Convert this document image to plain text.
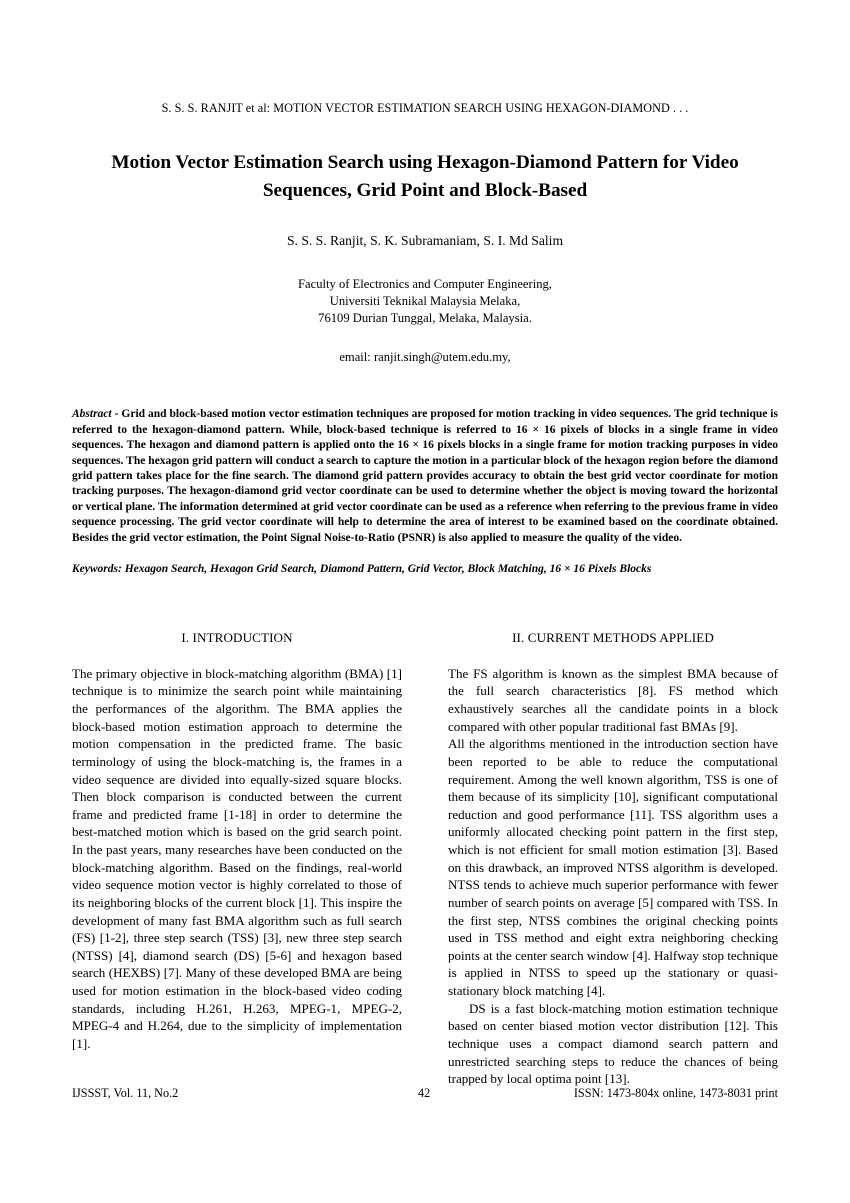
S. S. S. RANJIT et al: MOTION VECTOR ESTIMATION SEARCH USING HEXAGON-DIAMOND . . .
Motion Vector Estimation Search using Hexagon-Diamond Pattern for Video
Sequences, Grid Point and Block-Based
S. S. S. Ranjit, S. K. Subramaniam, S. I. Md Salim
Faculty of Electronics and Computer Engineering,
Universiti Teknikal Malaysia Melaka,
76109 Durian Tunggal, Melaka, Malaysia.
email: ranjit.singh@utem.edu.my,
Abstract - Grid and block-based motion vector estimation techniques are proposed for motion tracking in video sequences. The grid technique is referred to the hexagon-diamond pattern. While, block-based technique is referred to 16 × 16 pixels of blocks in a single frame in video sequences. The hexagon and diamond pattern is applied onto the 16 × 16 pixels blocks in a single frame for motion tracking purposes in video sequences. The hexagon grid pattern will conduct a search to capture the motion in a particular block of the hexagon region before the diamond grid pattern takes place for the fine search. The diamond grid pattern provides accuracy to obtain the best grid vector coordinate for motion tracking purposes. The hexagon-diamond grid vector coordinate can be used to determine whether the object is moving toward the horizontal or vertical plane. The information determined at grid vector coordinate can be used as a reference when referring to the previous frame in video sequence processing. The grid vector coordinate will help to determine the area of interest to be examined based on the coordinate obtained. Besides the grid vector estimation, the Point Signal Noise-to-Ratio (PSNR) is also applied to measure the quality of the video.
Keywords: Hexagon Search, Hexagon Grid Search, Diamond Pattern, Grid Vector, Block Matching, 16 × 16 Pixels Blocks
I. INTRODUCTION

The primary objective in block-matching algorithm (BMA) [1] technique is to minimize the search point while maintaining the performances of the algorithm. The BMA applies the block-based motion estimation approach to determine the motion compensation in the predicted frame. The basic terminology of using the block-matching is, the frames in a video sequence are divided into equally-sized square blocks. Then block comparison is conducted between the current frame and predicted frame [1-18] in order to determine the best-matched motion which is based on the grid search point. In the past years, many researches have been conducted on the block-matching algorithm. Based on the findings, real-world video sequence motion vector is highly correlated to those of its neighboring blocks of the current block [1]. This inspire the development of many fast BMA algorithm such as full search (FS) [1-2], three step search (TSS) [3], new three step search (NTSS) [4], diamond search (DS) [5-6] and hexagon based search (HEXBS) [7]. Many of these developed BMA are being used for motion estimation in the block-based video coding standards, including H.261, H.263, MPEG-1, MPEG-2, MPEG-4 and H.264, due to the simplicity of implementation [1].

II. CURRENT METHODS APPLIED

The FS algorithm is known as the simplest BMA because of the full search characteristics [8]. FS method which exhaustively searches all the candidate points in a block compared with other popular traditional fast BMAs [9].

All the algorithms mentioned in the introduction section have been reported to be able to reduce the computational requirement. Among the well known algorithm, TSS is one of them because of its simplicity [10], significant computational reduction and good performance [11]. TSS algorithm uses a uniformly allocated checking point pattern in the first step, which is not efficient for small motion estimation [3]. Based on this drawback, an improved NTSS algorithm is developed. NTSS tends to achieve much superior performance with fewer number of search points on average [5] compared with TSS. In the first step, NTSS combines the original checking points used in TSS method and eight extra neighboring checking points at the center search window [4]. Halfway stop technique is applied in NTSS to speed up the stationary or quasi-stationary block matching [4].

DS is a fast block-matching motion estimation technique based on center biased motion vector distribution [12]. This technique uses a compact diamond search pattern and unrestricted searching steps to reduce the chances of being trapped by local optima point [13].

IJSSST, Vol. 11, No.2	42	ISSN: 1473-804x online, 1473-8031 print
